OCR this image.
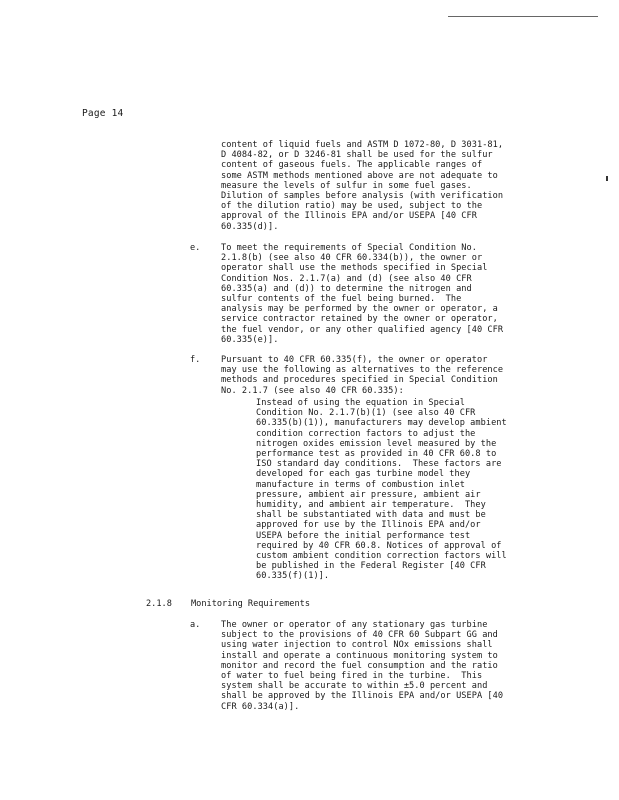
Page 14
content of liquid fuels and ASTM D 1072-80, D 3031-81,
D 4084-82, or D 3246-81 shall be used for the sulfur
content of gaseous fuels. The applicable ranges of
some ASTM methods mentioned above are not adequate to
measure the levels of sulfur in some fuel gases.
Dilution of samples before analysis (with verification
of the dilution ratio) may be used, subject to the
approval of the Illinois EPA and/or USEPA [40 CFR
60.335(d)].
e. To meet the requirements of Special Condition No.
2.1.8(b) (see also 40 CFR 60.334(b)), the owner or
operator shall use the methods specified in Special
Condition Nos. 2.1.7(a) and (d) (see also 40 CFR
60.335(a) and (d)) to determine the nitrogen and
sulfur contents of the fuel being burned.  The
analysis may be performed by the owner or operator, a
service contractor retained by the owner or operator,
the fuel vendor, or any other qualified agency [40 CFR
60.335(e)].
f. Pursuant to 40 CFR 60.335(f), the owner or operator
may use the following as alternatives to the reference
methods and procedures specified in Special Condition
No. 2.1.7 (see also 40 CFR 60.335):
Instead of using the equation in Special
Condition No. 2.1.7(b)(1) (see also 40 CFR
60.335(b)(1)), manufacturers may develop ambient
condition correction factors to adjust the
nitrogen oxides emission level measured by the
performance test as provided in 40 CFR 60.8 to
ISO standard day conditions.  These factors are
developed for each gas turbine model they
manufacture in terms of combustion inlet
pressure, ambient air pressure, ambient air
humidity, and ambient air temperature.  They
shall be substantiated with data and must be
approved for use by the Illinois EPA and/or
USEPA before the initial performance test
required by 40 CFR 60.8. Notices of approval of
custom ambient condition correction factors will
be published in the Federal Register [40 CFR
60.335(f)(1)].
2.1.8 Monitoring Requirements
a. The owner or operator of any stationary gas turbine
subject to the provisions of 40 CFR 60 Subpart GG and
using water injection to control NOx emissions shall
install and operate a continuous monitoring system to
monitor and record the fuel consumption and the ratio
of water to fuel being fired in the turbine.  This
system shall be accurate to within ±5.0 percent and
shall be approved by the Illinois EPA and/or USEPA [40
CFR 60.334(a)].
